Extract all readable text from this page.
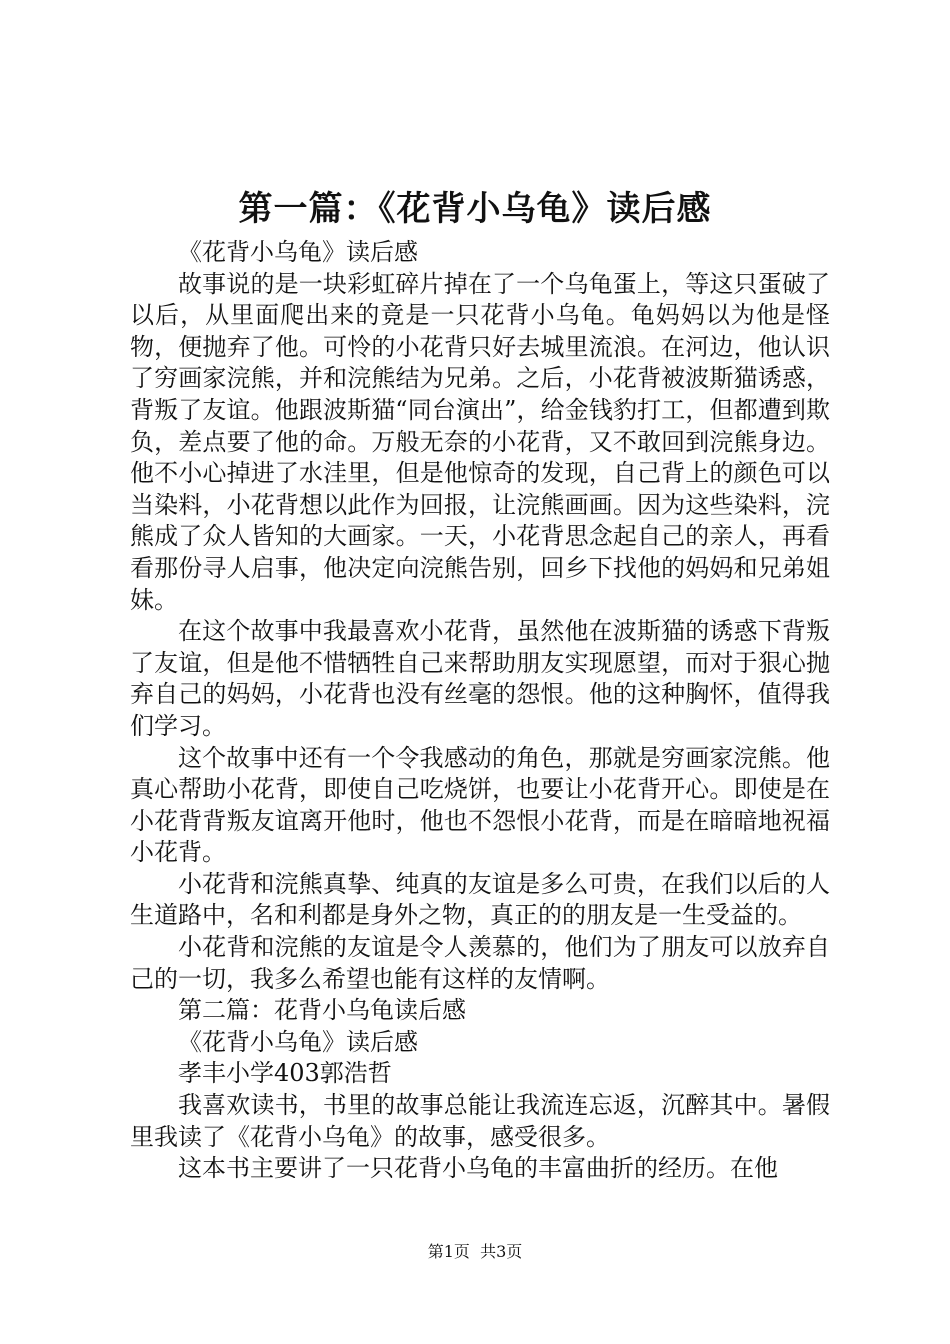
第一篇：《花背小乌龟》读后感

《花背小乌龟》读后感

故事说的是一块彩虹碎片掉在了一个乌龟蛋上，等这只蛋破了以后，从里面爬出来的竟是一只花背小乌龟。龟妈妈以为他是怪物，便抛弃了他。可怜的小花背只好去城里流浪。在河边，他认识了穷画家浣熊，并和浣熊结为兄弟。之后，小花背被波斯猫诱惑，背叛了友谊。他跟波斯猫“同台演出”，给金钱豹打工，但都遭到欺负，差点要了他的命。万般无奈的小花背，又不敢回到浣熊身边。他不小心掉进了水洼里，但是他惊奇的发现，自己背上的颜色可以当染料，小花背想以此作为回报，让浣熊画画。因为这些染料，浣熊成了众人皆知的大画家。一天，小花背思念起自己的亲人，再看看那份寻人启事，他决定向浣熊告别，回乡下找他的妈妈和兄弟姐妹。

在这个故事中我最喜欢小花背，虽然他在波斯猫的诱惑下背叛了友谊，但是他不惜牺牲自己来帮助朋友实现愿望，而对于狠心抛弃自己的妈妈，小花背也没有丝毫的怨恨。他的这种胸怀，值得我们学习。

这个故事中还有一个令我感动的角色，那就是穷画家浣熊。他真心帮助小花背，即使自己吃烧饼，也要让小花背开心。即使是在小花背背叛友谊离开他时，他也不怨恨小花背，而是在暗暗地祝福小花背。

小花背和浣熊真挚、纯真的友谊是多么可贵，在我们以后的人生道路中，名和利都是身外之物，真正的的朋友是一生受益的。

小花背和浣熊的友谊是令人羡慕的，他们为了朋友可以放弃自己的一切，我多么希望也能有这样的友情啊。

第二篇：花背小乌龟读后感

《花背小乌龟》读后感

孝丰小学403郭浩哲

我喜欢读书，书里的故事总能让我流连忘返，沉醉其中。暑假里我读了《花背小乌龟》的故事，感受很多。

这本书主要讲了一只花背小乌龟的丰富曲折的经历。在他

第1页 共3页
